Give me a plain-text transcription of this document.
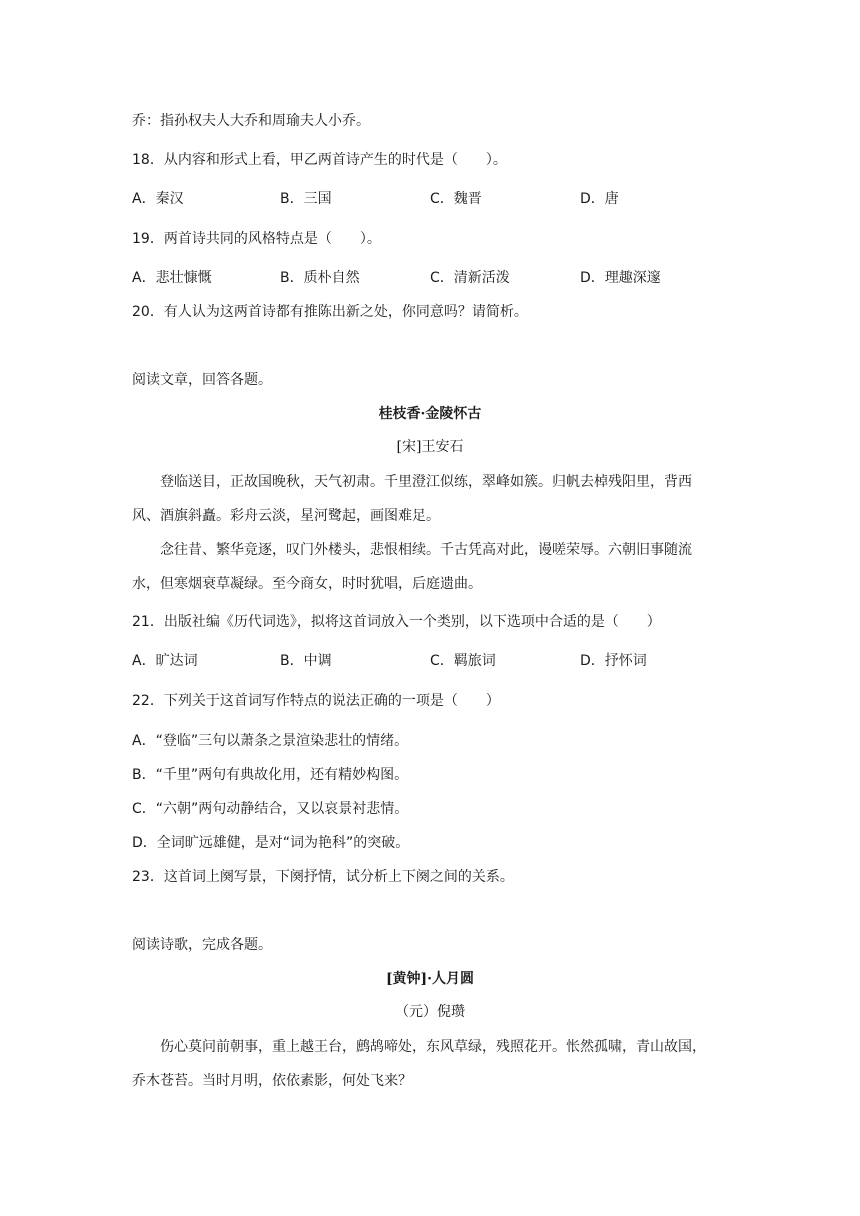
乔：指孙权夫人大乔和周瑜夫人小乔。
18．从内容和形式上看，甲乙两首诗产生的时代是（　　）。
A．秦汉	B．三国	C．魏晋	D．唐
19．两首诗共同的风格特点是（　　）。
A．悲壮慷慨	B．质朴自然	C．清新活泼	D．理趣深邃
20．有人认为这两首诗都有推陈出新之处，你同意吗？请简析。
阅读文章，回答各题。
桂枝香·金陵怀古
[宋]王安石
登临送目，正故国晚秋，天气初肃。千里澄江似练，翠峰如簇。归帆去棹残阳里，背西
风、酒旗斜矗。彩舟云淡，星河鹭起，画图难足。
念往昔、繁华竞逐，叹门外楼头，悲恨相续。千古凭高对此，谩嗟荣辱。六朝旧事随流
水，但寒烟衰草凝绿。至今商女，时时犹唱，后庭遗曲。
21．出版社编《历代词选》，拟将这首词放入一个类别，以下选项中合适的是（　　）
A．旷达词	B．中调	C．羁旅词	D．抒怀词
22．下列关于这首词写作特点的说法正确的一项是（　　）
A．“登临”三句以萧条之景渲染悲壮的情绪。
B．“千里”两句有典故化用，还有精妙构图。
C．“六朝”两句动静结合，又以哀景衬悲情。
D．全词旷远雄健，是对“词为艳科”的突破。
23．这首词上阕写景，下阕抒情，试分析上下阕之间的关系。
阅读诗歌，完成各题。
[黄钟]·人月圆
（元）倪瓒
伤心莫问前朝事，重上越王台，鹧鸪啼处，东风草绿，残照花开。怅然孤啸，青山故国，
乔木苍苔。当时月明，依依素影，何处飞来？
